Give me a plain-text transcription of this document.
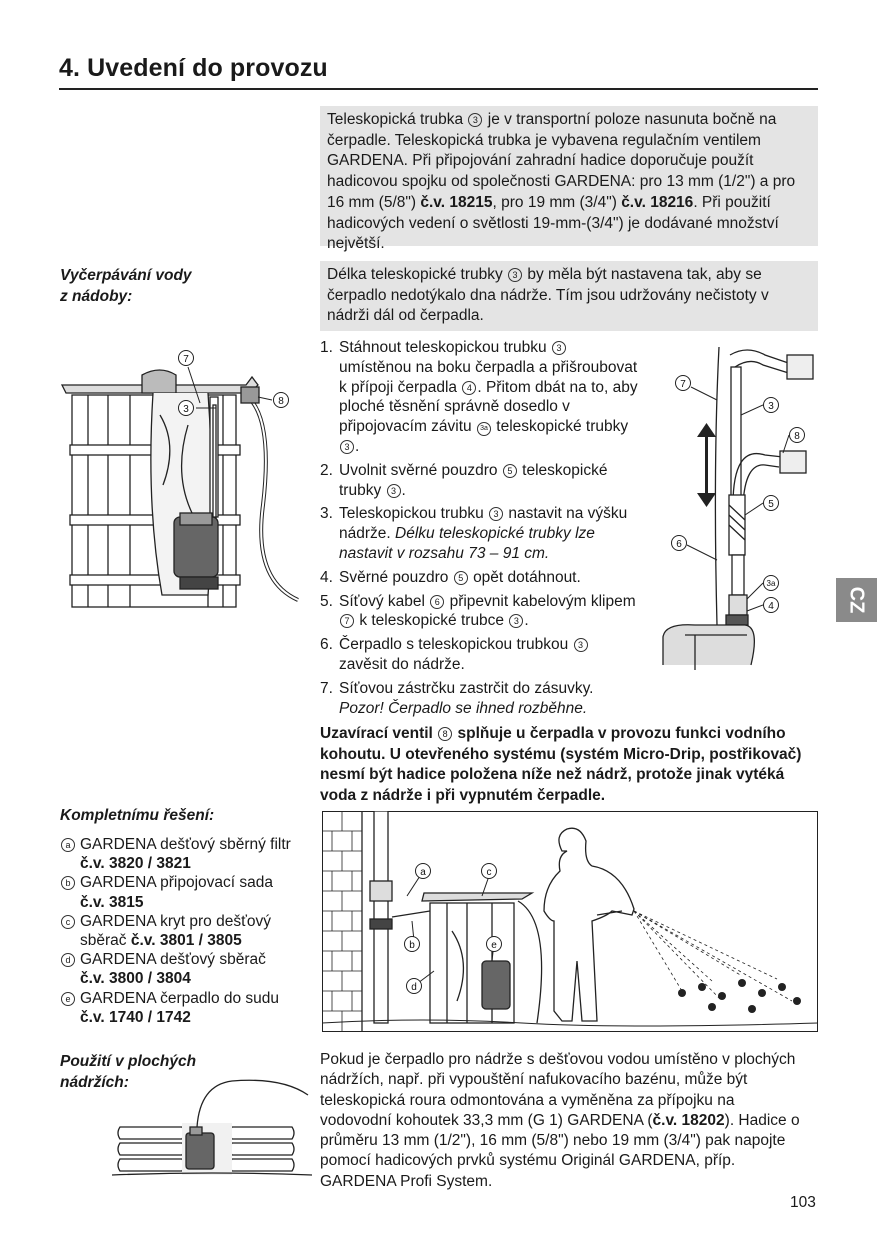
4. Uvedení do provozu
Teleskopická trubka 3 je v transportní poloze nasunuta bočně na čerpadle. Teleskopická trubka je vybavena regulačním ventilem GARDENA. Při připojování zahradní hadice doporučuje použít hadicovou spojku od společnosti GARDENA: pro 13 mm (1/2") a pro 16 mm (5/8") č.v. 18215, pro 19 mm (3/4") č.v. 18216. Při použití hadicových vedení o světlosti 19-mm-(3/4") je dodávané množství největší.
Vyčerpávání vody
z nádoby:
Délka teleskopické trubky 3 by měla být nastavena tak, aby se čerpadlo nedotýkalo dna nádrže. Tím jsou udržovány nečistoty v nádrži dál od čerpadla.
7
3
8
1. Stáhnout teleskopickou trubku 3 umístěnou na boku čerpadla a přišroubovat k přípoji čerpadla 4 . Přitom dbát na to, aby ploché těsnění správně dosedlo v připojovacím závitu 3a teleskopické trubky 3 .
2. Uvolnit svěrné pouzdro 5 teleskopické trubky 3 .
3. Teleskopickou trubku 3 nastavit na výšku nádrže. Délku teleskopické trubky lze nastavit v rozsahu 73 – 91 cm.
4. Svěrné pouzdro 5 opět dotáhnout.
5. Síťový kabel 6 připevnit kabelovým klipem 7 k teleskopické trubce 3 .
6. Čerpadlo s teleskopickou trubkou 3 zavěsit do nádrže.
7. Síťovou zástrčku zastrčit do zásuvky.
Pozor! Čerpadlo se ihned rozběhne.
7
3
8
5
6
3a
4
Uzavírací ventil 8 splňuje u čerpadla v provozu funkci vodního kohoutu. U otevřeného systému (systém Micro-Drip, postřikovač) nesmí být hadice položena níže než nádrž, protože jinak vytéká voda z nádrže i při vypnutém čerpadle.
Kompletnímu řešení:
a GARDENA dešťový sběrný filtr
č.v. 3820 / 3821
b GARDENA připojovací sada
č.v. 3815
c GARDENA kryt pro dešťový
sběrač č.v. 3801 / 3805
d GARDENA dešťový sběrač
č.v. 3800 / 3804
e GARDENA čerpadlo do sudu
č.v. 1740 / 1742
a	c
b	e
d
Použití v plochých
nádržích:
Pokud je čerpadlo pro nádrže s dešťovou vodou umístěno v plochých nádržích, např. při vypouštění nafukovacího bazénu, může být teleskopická roura odmontována a vyměněna za přípojku na vodovodní kohoutek 33,3 mm (G 1) GARDENA (č.v. 18202). Hadice o průměru 13 mm (1/2"), 16 mm (5/8") nebo 19 mm (3/4") pak napojte pomocí hadicových prvků systému Originál GARDENA, příp. GARDENA Profi System.
CZ
103
